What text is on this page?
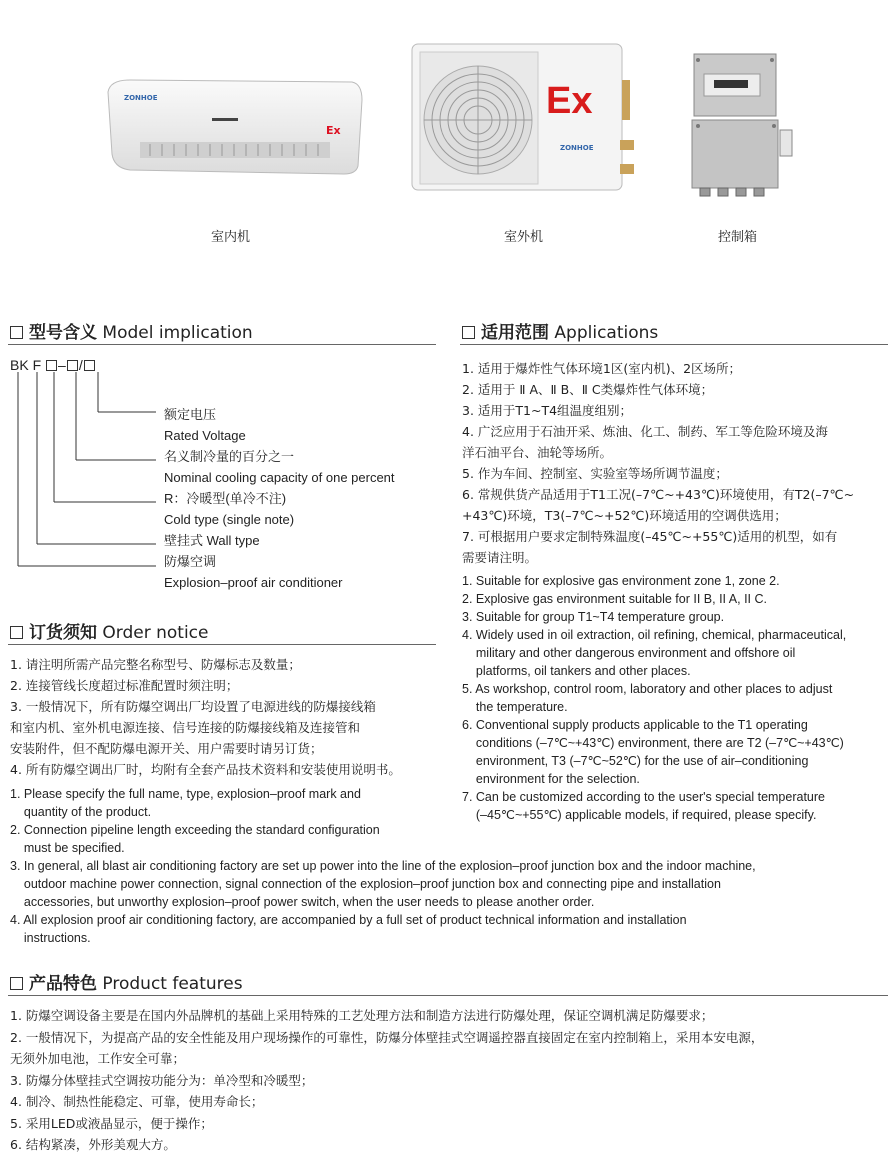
ZONHOE
Ex
Ex
ZONHOE
室内机	室外机	控制箱
型号含义 Model implication
BK F – /
额定电压
Rated Voltage
名义制冷量的百分之一
Nominal cooling capacity of one percent
R：冷暖型(单冷不注)
Cold type (single note)
壁挂式 Wall type
防爆空调
Explosion–proof air conditioner
适用范围 Applications
1. 适用于爆炸性气体环境1区(室内机)、2区场所；
2. 适用于 Ⅱ A、Ⅱ B、Ⅱ C类爆炸性气体环境；
3. 适用于T1~T4组温度组别；
4. 广泛应用于石油开采、炼油、化工、制药、军工等危险环境及海
洋石油平台、油轮等场所。
5. 作为车间、控制室、实验室等场所调节温度；
6. 常规供货产品适用于T1工况(–7℃~+43℃)环境使用，有T2(–7℃~
+43℃)环境，T3(–7℃~+52℃)环境适用的空调供选用；
7. 可根据用户要求定制特殊温度(–45℃~+55℃)适用的机型，如有
需要请注明。
1. Suitable for explosive gas environment zone 1, zone 2.
2. Explosive gas environment suitable for II B, II A, II C.
3. Suitable for group T1~T4 temperature group.
4. Widely used in oil extraction, oil refining, chemical, pharmaceutical,
military and other dangerous environment and offshore oil
platforms, oil tankers and other places.
5. As workshop, control room, laboratory and other places to adjust
the temperature.
6. Conventional supply products applicable to the T1 operating
conditions (–7℃~+43℃) environment, there are T2 (–7℃~+43℃)
environment, T3 (–7℃~52℃) for the use of air–conditioning
environment for the selection.
7. Can be customized according to the user's special temperature
(–45℃~+55℃) applicable models, if required, please specify.
订货须知 Order notice
1. 请注明所需产品完整名称型号、防爆标志及数量；
2. 连接管线长度超过标准配置时须注明；
3. 一般情况下，所有防爆空调出厂均设置了电源进线的防爆接线箱
和室内机、室外机电源连接、信号连接的防爆接线箱及连接管和
安装附件，但不配防爆电源开关、用户需要时请另订货；
4. 所有防爆空调出厂时，均附有全套产品技术资料和安装使用说明书。
1. Please specify the full name, type, explosion–proof mark and
quantity of the product.
2. Connection pipeline length exceeding the standard configuration
must be specified.
3. In general, all blast air conditioning factory are set up power into the line of the explosion–proof junction box and the indoor machine,
outdoor machine power connection, signal connection of the explosion–proof junction box and connecting pipe and installation
accessories, but unworthy explosion–proof power switch, when the user needs to please another order.
4. All explosion proof air conditioning factory, are accompanied by a full set of product technical information and installation
instructions.
产品特色 Product features
1. 防爆空调设备主要是在国内外品牌机的基础上采用特殊的工艺处理方法和制造方法进行防爆处理，保证空调机满足防爆要求；
2. 一般情况下，为提高产品的安全性能及用户现场操作的可靠性，防爆分体壁挂式空调遥控器直接固定在室内控制箱上，采用本安电源，
无须外加电池，工作安全可靠；
3. 防爆分体壁挂式空调按功能分为：单冷型和冷暖型；
4. 制冷、制热性能稳定、可靠，使用寿命长；
5. 采用LED或液晶显示，便于操作；
6. 结构紧凑，外形美观大方。
